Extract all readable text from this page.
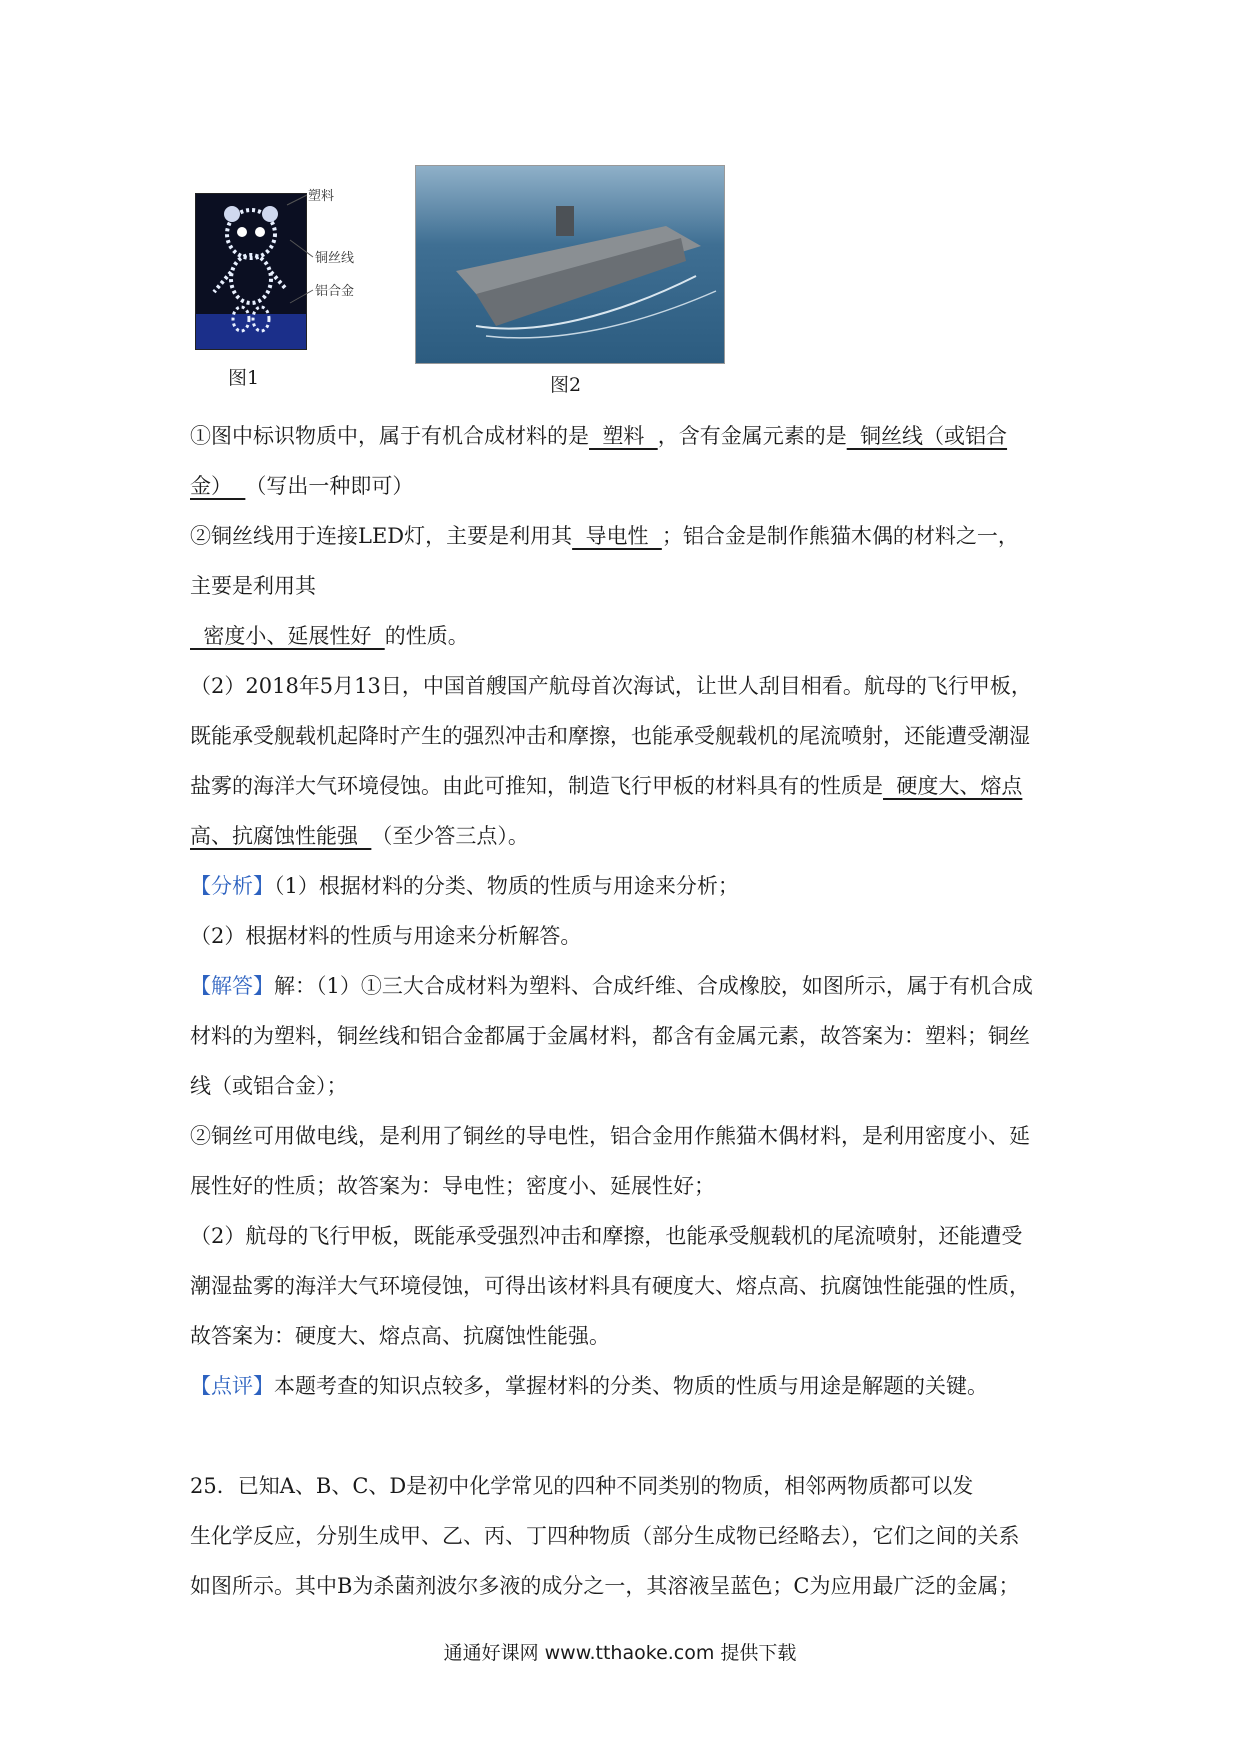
塑料
铜丝线
铝合金
图1	图2
①图中标识物质中，属于有机合成材料的是  塑料  ，含有金属元素的是  铜丝线（或铝合
金）  （写出一种即可）
②铜丝线用于连接LED灯，主要是利用其  导电性  ；铝合金是制作熊猫木偶的材料之一，
主要是利用其
密度小、延展性好  的性质。
（2）2018年5月13日，中国首艘国产航母首次海试，让世人刮目相看。航母的飞行甲板，
既能承受舰载机起降时产生的强烈冲击和摩擦，也能承受舰载机的尾流喷射，还能遭受潮湿
盐雾的海洋大气环境侵蚀。由此可推知，制造飞行甲板的材料具有的性质是  硬度大、熔点
高、抗腐蚀性能强  （至少答三点）。
【分析】（1）根据材料的分类、物质的性质与用途来分析；
（2）根据材料的性质与用途来分析解答。
【解答】解：（1）①三大合成材料为塑料、合成纤维、合成橡胶，如图所示，属于有机合成
材料的为塑料，铜丝线和铝合金都属于金属材料，都含有金属元素，故答案为：塑料；铜丝
线（或铝合金）；
②铜丝可用做电线，是利用了铜丝的导电性，铝合金用作熊猫木偶材料，是利用密度小、延
展性好的性质；故答案为：导电性；密度小、延展性好；
（2）航母的飞行甲板，既能承受强烈冲击和摩擦，也能承受舰载机的尾流喷射，还能遭受
潮湿盐雾的海洋大气环境侵蚀，可得出该材料具有硬度大、熔点高、抗腐蚀性能强的性质，
故答案为：硬度大、熔点高、抗腐蚀性能强。
【点评】本题考查的知识点较多，掌握材料的分类、物质的性质与用途是解题的关键。
25．已知A、B、C、D是初中化学常见的四种不同类别的物质，相邻两物质都可以发
生化学反应，分别生成甲、乙、丙、丁四种物质（部分生成物已经略去），它们之间的关系
如图所示。其中B为杀菌剂波尔多液的成分之一，其溶液呈蓝色；C为应用最广泛的金属；
通通好课网 www.tthaoke.com 提供下载
